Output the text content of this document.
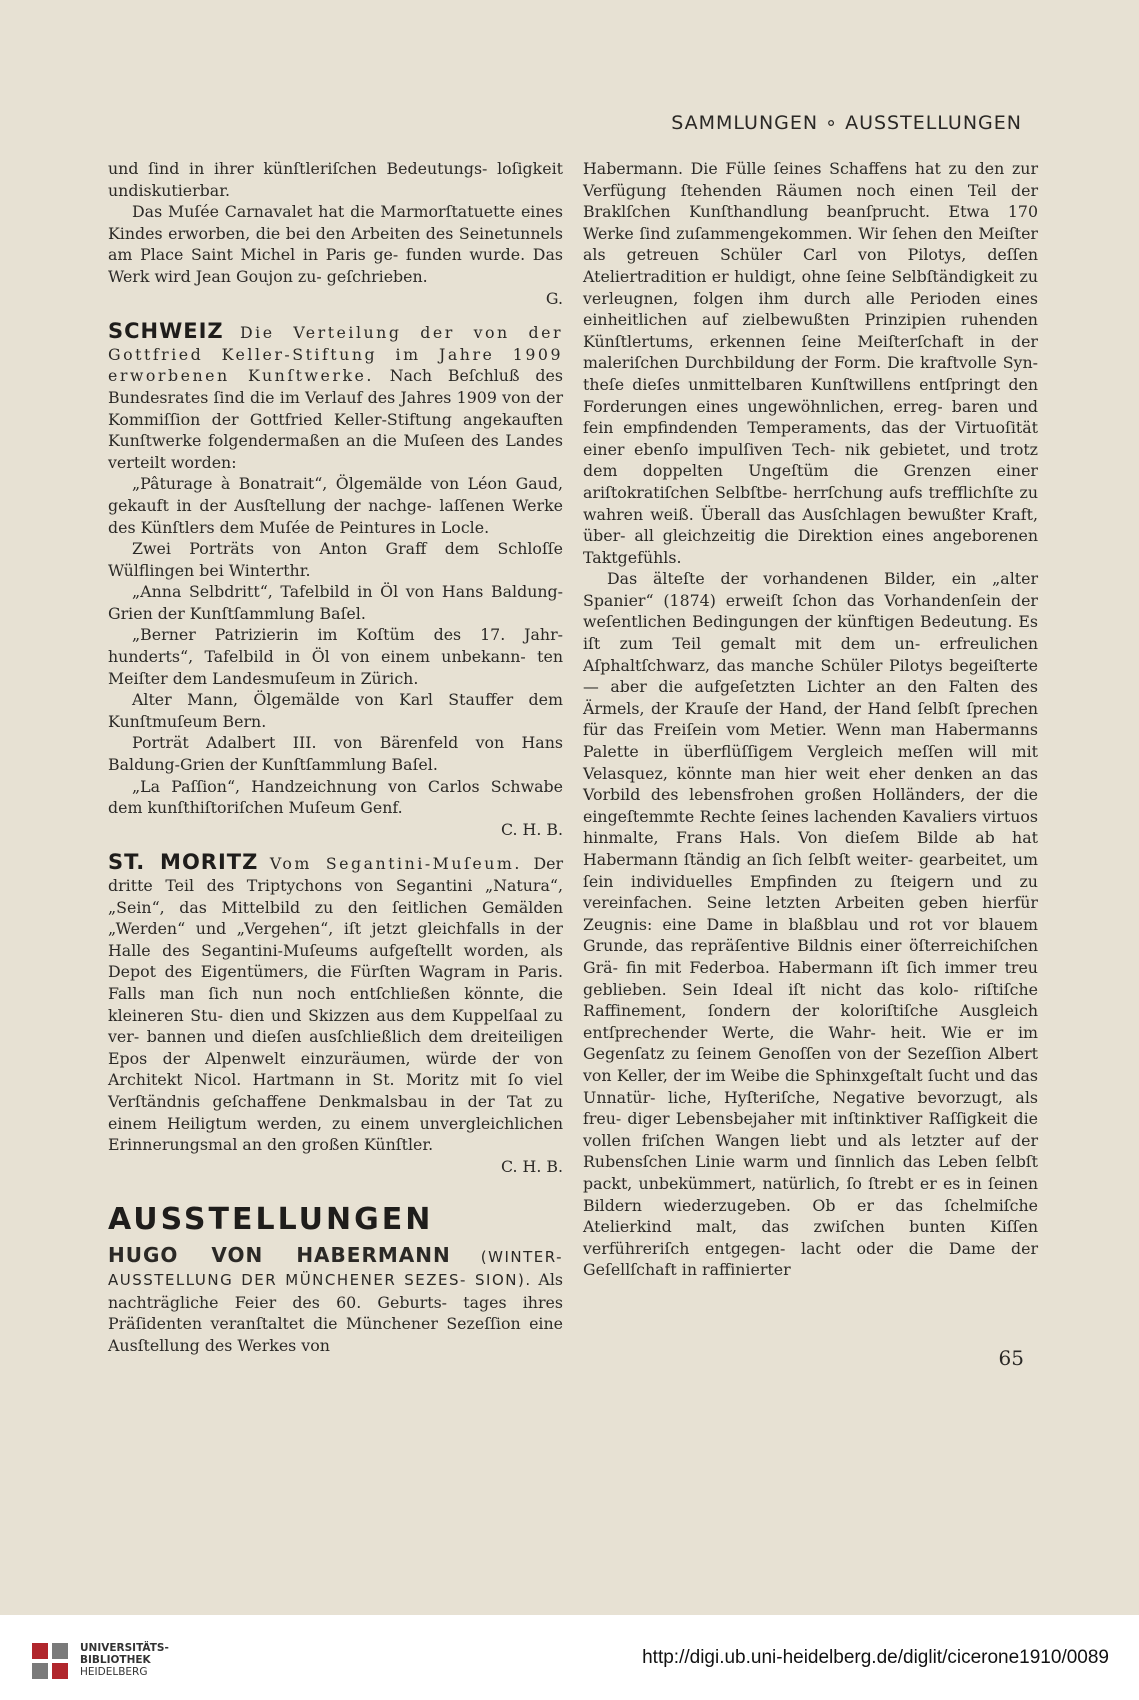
SAMMLUNGEN ∘ AUSSTELLUNGEN

und ſind in ihrer künſtleriſchen Bedeutungs- loſigkeit undiskutierbar.

Das Muſée Carnavalet hat die Marmorſtatuette eines Kindes erworben, die bei den Arbeiten des Seinetunnels am Place Saint Michel in Paris ge- funden wurde. Das Werk wird Jean Goujon zu- geſchrieben.
G.

SCHWEIZ Die Verteilung der von der Gottfried Keller-Stiftung im Jahre 1909 erworbenen Kunſtwerke. Nach Beſchluß des Bundesrates ſind die im Verlauf des Jahres 1909 von der Kommiſſion der Gottfried Keller-Stiftung angekauften Kunſtwerke folgendermaßen an die Muſeen des Landes verteilt worden:

„Pâturage à Bonatrait“, Ölgemälde von Léon Gaud, gekauft in der Ausſtellung der nachge- laſſenen Werke des Künſtlers dem Muſée de Peintures in Locle.

Zwei Porträts von Anton Graff dem Schloſſe Wülflingen bei Winterthr.

„Anna Selbdritt“, Tafelbild in Öl von Hans Baldung-Grien der Kunſtſammlung Baſel.

„Berner Patrizierin im Koſtüm des 17. Jahr- hunderts“, Tafelbild in Öl von einem unbekann- ten Meiſter dem Landesmuſeum in Zürich.

Alter Mann, Ölgemälde von Karl Stauffer dem Kunſtmuſeum Bern.

Porträt Adalbert III. von Bärenfeld von Hans Baldung-Grien der Kunſtſammlung Baſel.

„La Paſſion“, Handzeichnung von Carlos Schwabe dem kunſthiſtoriſchen Muſeum Genf.

C. H. B.

ST. MORITZ Vom Segantini-Muſeum. Der dritte Teil des Triptychons von Segantini „Natura“, „Sein“, das Mittelbild zu den ſeitlichen Gemälden „Werden“ und „Vergehen“, iſt jetzt gleichfalls in der Halle des Segantini-Muſeums aufgeſtellt worden, als Depot des Eigentümers, die Fürſten Wagram in Paris. Falls man ſich nun noch entſchließen könnte, die kleineren Stu- dien und Skizzen aus dem Kuppelſaal zu ver- bannen und dieſen ausſchließlich dem dreiteiligen Epos der Alpenwelt einzuräumen, würde der von Architekt Nicol. Hartmann in St. Moritz mit ſo viel Verſtändnis geſchaffene Denkmalsbau in der Tat zu einem Heiligtum werden, zu einem unvergleichlichen Erinnerungsmal an den großen Künſtler.

C. H. B.
AUSSTELLUNGEN

HUGO VON HABERMANN (WINTER- AUSSTELLUNG DER MÜNCHENER SEZES- SION). Als nachträgliche Feier des 60. Geburts- tages ihres Präſidenten veranſtaltet die Münchener Sezeſſion eine Ausſtellung des Werkes von

Habermann. Die Fülle ſeines Schaffens hat zu den zur Verfügung ſtehenden Räumen noch einen Teil der Braklſchen Kunſthandlung beanſprucht. Etwa 170 Werke ſind zuſammengekommen. Wir ſehen den Meiſter als getreuen Schüler Carl von Pilotys, deſſen Ateliertradition er huldigt, ohne ſeine Selbſtändigkeit zu verleugnen, folgen ihm durch alle Perioden eines einheitlichen auf zielbewußten Prinzipien ruhenden Künſtlertums, erkennen ſeine Meiſterſchaft in der maleriſchen Durchbildung der Form. Die kraftvolle Syn- theſe dieſes unmittelbaren Kunſtwillens entſpringt den Forderungen eines ungewöhnlichen, erreg- baren und fein empfindenden Temperaments, das der Virtuoſität einer ebenſo impulſiven Tech- nik gebietet, und trotz dem doppelten Ungeſtüm die Grenzen einer ariſtokratiſchen Selbſtbe- herrſchung aufs trefflichſte zu wahren weiß. Überall das Ausſchlagen bewußter Kraft, über- all gleichzeitig die Direktion eines angeborenen Taktgefühls.

Das älteſte der vorhandenen Bilder, ein „alter Spanier“ (1874) erweiſt ſchon das Vorhandenſein der weſentlichen Bedingungen der künftigen Bedeutung. Es iſt zum Teil gemalt mit dem un- erfreulichen Aſphaltſchwarz, das manche Schüler Pilotys begeiſterte — aber die aufgeſetzten Lichter an den Falten des Ärmels, der Krauſe der Hand, der Hand ſelbſt ſprechen für das Freiſein vom Metier. Wenn man Habermanns Palette in überflüſſigem Vergleich meſſen will mit Velasquez, könnte man hier weit eher denken an das Vorbild des lebensfrohen großen Holländers, der die eingeſtemmte Rechte ſeines lachenden Kavaliers virtuos hinmalte, Frans Hals. Von dieſem Bilde ab hat Habermann ſtändig an ſich ſelbſt weiter- gearbeitet, um ſein individuelles Empfinden zu ſteigern und zu vereinfachen. Seine letzten Arbeiten geben hierfür Zeugnis: eine Dame in blaßblau und rot vor blauem Grunde, das repräſentive Bildnis einer öſterreichiſchen Grä- fin mit Federboa. Habermann iſt ſich immer treu geblieben. Sein Ideal iſt nicht das kolo- riſtiſche Raffinement, ſondern der koloriſtiſche Ausgleich entſprechender Werte, die Wahr- heit. Wie er im Gegenſatz zu ſeinem Genoſſen von der Sezeſſion Albert von Keller, der im Weibe die Sphinxgeſtalt ſucht und das Unnatür- liche, Hyſteriſche, Negative bevorzugt, als freu- diger Lebensbejaher mit inſtinktiver Raſſigkeit die vollen friſchen Wangen liebt und als letzter auf der Rubensſchen Linie warm und ſinnlich das Leben ſelbſt packt, unbekümmert, natürlich, ſo ſtrebt er es in ſeinen Bildern wiederzugeben. Ob er das ſchelmiſche Atelierkind malt, das zwiſchen bunten Kiſſen verführeriſch entgegen- lacht oder die Dame der Geſellſchaft in raffinierter

65
UNIVERSITÄTS-
BIBLIOTHEK
HEIDELBERG
http://digi.ub.uni-heidelberg.de/diglit/cicerone1910/0089
